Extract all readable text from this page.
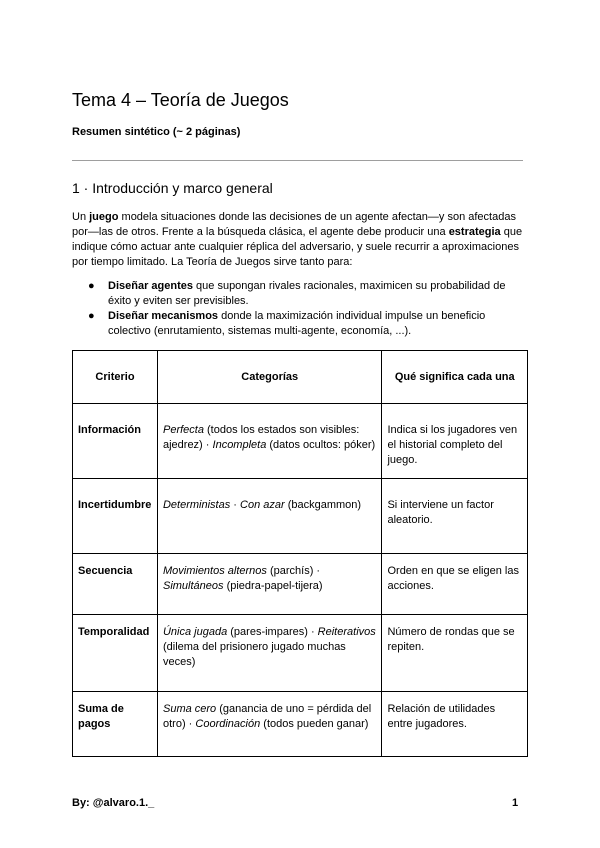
Tema 4 – Teoría de Juegos
Resumen sintético (~ 2 páginas)
1 · Introducción y marco general

Un juego modela situaciones donde las decisiones de un agente afectan—y son afectadas por—las de otros. Frente a la búsqueda clásica, el agente debe producir una estrategia que indique cómo actuar ante cualquier réplica del adversario, y suele recurrir a aproximaciones por tiempo limitado. La Teoría de Juegos sirve tanto para:

● Diseñar agentes que supongan rivales racionales, maximicen su probabilidad de éxito y eviten ser previsibles.
● Diseñar mecanismos donde la maximización individual impulse un beneficio colectivo (enrutamiento, sistemas multi-agente, economía, ...).
Criterio	Categorías	Qué significa cada una

Información	Perfecta (todos los estados son visibles: ajedrez) · Incompleta (datos ocultos: póker)	Indica si los jugadores ven el historial completo del juego.

Incertidumbre	Deterministas · Con azar (backgammon)	Si interviene un factor aleatorio.

Secuencia	Movimientos alternos (parchís) · Simultáneos (piedra-papel-tijera)	Orden en que se eligen las acciones.

Temporalidad	Única jugada (pares-impares) · Reiterativos (dilema del prisionero jugado muchas veces)	Número de rondas que se repiten.

Suma de pagos	Suma cero (ganancia de uno = pérdida del otro) · Coordinación (todos pueden ganar)	Relación de utilidades entre jugadores.
By: @alvaro.1._	1
